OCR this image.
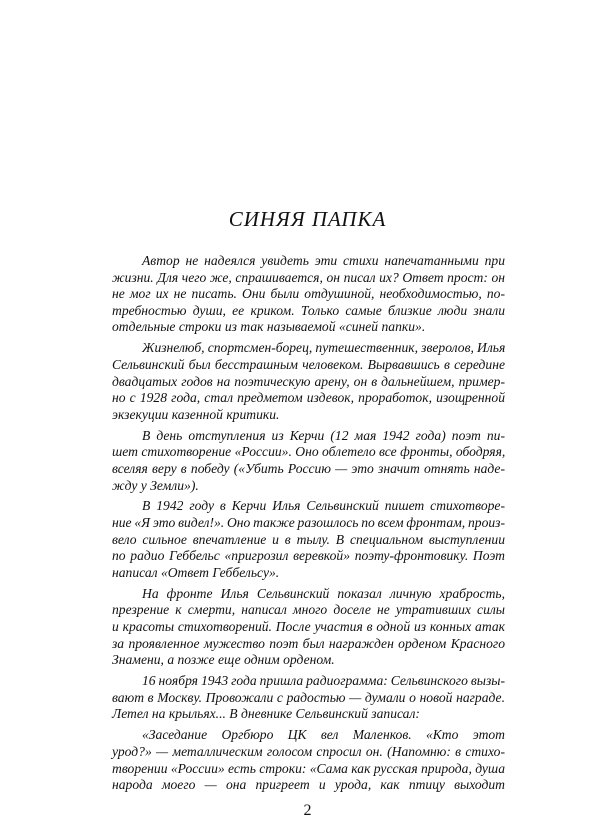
СИНЯЯ ПАПКА
Автор не надеялся увидеть эти стихи напечатанными при
жизни. Для чего же, спрашивается, он писал их? Ответ прост: он
не мог их не писать. Они были отдушиной, необходимостью, по-
требностью души, ее криком. Только самые близкие люди знали
отдельные строки из так называемой «синей папки».
Жизнелюб, спортсмен-борец, путешественник, зверолов, Илья
Сельвинский был бесстрашным человеком. Вырвавшись в середине
двадцатых годов на поэтическую арену, он в дальнейшем, пример-
но с 1928 года, стал предметом издевок, проработок, изощренной
экзекуции казенной критики.
В день отступления из Керчи (12 мая 1942 года) поэт пи-
шет стихотворение «России». Оно облетело все фронты, ободряя,
вселяя веру в победу («Убить Россию — это значит отнять наде-
жду у Земли»).
В 1942 году в Керчи Илья Сельвинский пишет стихотворе-
ние «Я это видел!». Оно также разошлось по всем фронтам, произ-
вело сильное впечатление и в тылу. В специальном выступлении
по радио Геббельс «пригрозил веревкой» поэту-фронтовику. Поэт
написал «Ответ Геббельсу».
На фронте Илья Сельвинский показал личную храбрость,
презрение к смерти, написал много доселе не утративших силы
и красоты стихотворений. После участия в одной из конных атак
за проявленное мужество поэт был награжден орденом Красного
Знамени, а позже еще одним орденом.
16 ноября 1943 года пришла радиограмма: Сельвинского вызы-
вают в Москву. Провожали с радостью — думали о новой награде.
Летел на крыльях... В дневнике Сельвинский записал:
«Заседание Оргбюро ЦК вел Маленков. «Кто этот
урод?» — металлическим голосом спросил он. (Напомню: в стихо-
творении «России» есть строки: «Сама как русская природа, душа
народа моего — она пригреет и урода, как птицу выходит
2
